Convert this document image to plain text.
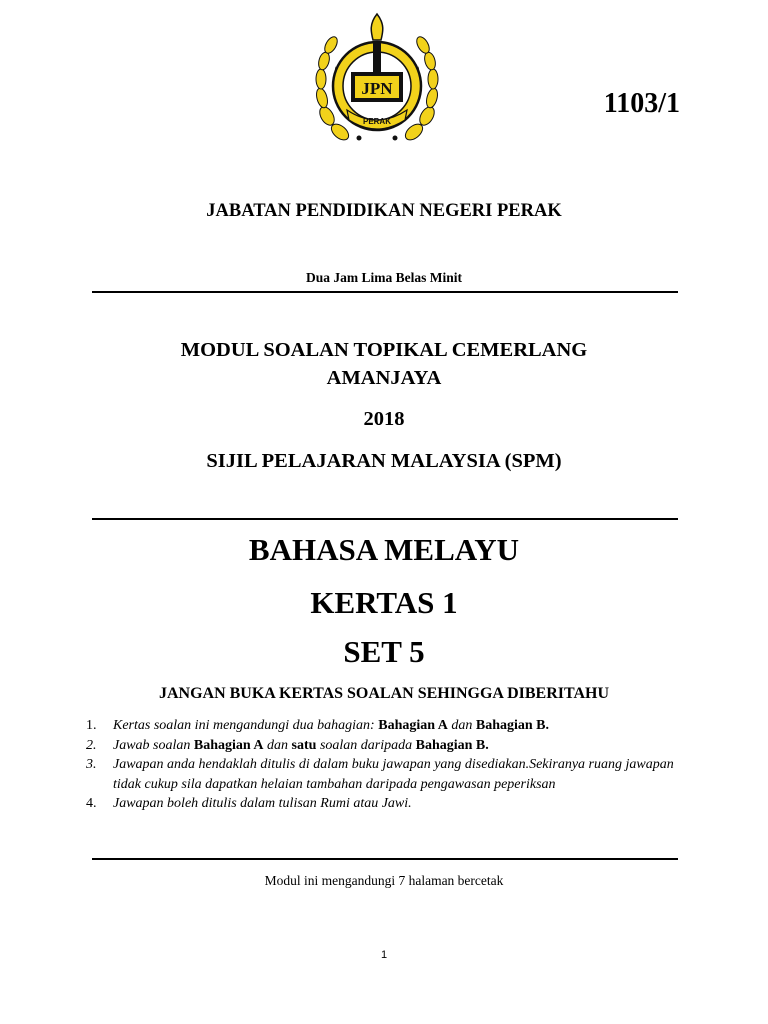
JPN
PERAK
1103/1
JABATAN PENDIDIKAN NEGERI PERAK
Dua Jam Lima Belas Minit
MODUL SOALAN TOPIKAL CEMERLANG
AMANJAYA
2018
SIJIL PELAJARAN MALAYSIA (SPM)
BAHASA MELAYU
KERTAS 1
SET 5
JANGAN BUKA KERTAS SOALAN SEHINGGA DIBERITAHU
1.	Kertas soalan ini mengandungi dua bahagian: Bahagian A dan Bahagian B.
2.	Jawab soalan Bahagian A dan satu soalan daripada Bahagian B.
3.	Jawapan anda hendaklah ditulis di dalam buku jawapan yang disediakan.Sekiranya ruang jawapan tidak cukup sila dapatkan helaian tambahan daripada pengawasan peperiksan
4.	Jawapan boleh ditulis dalam tulisan Rumi atau Jawi.
Modul ini mengandungi 7 halaman bercetak
1
